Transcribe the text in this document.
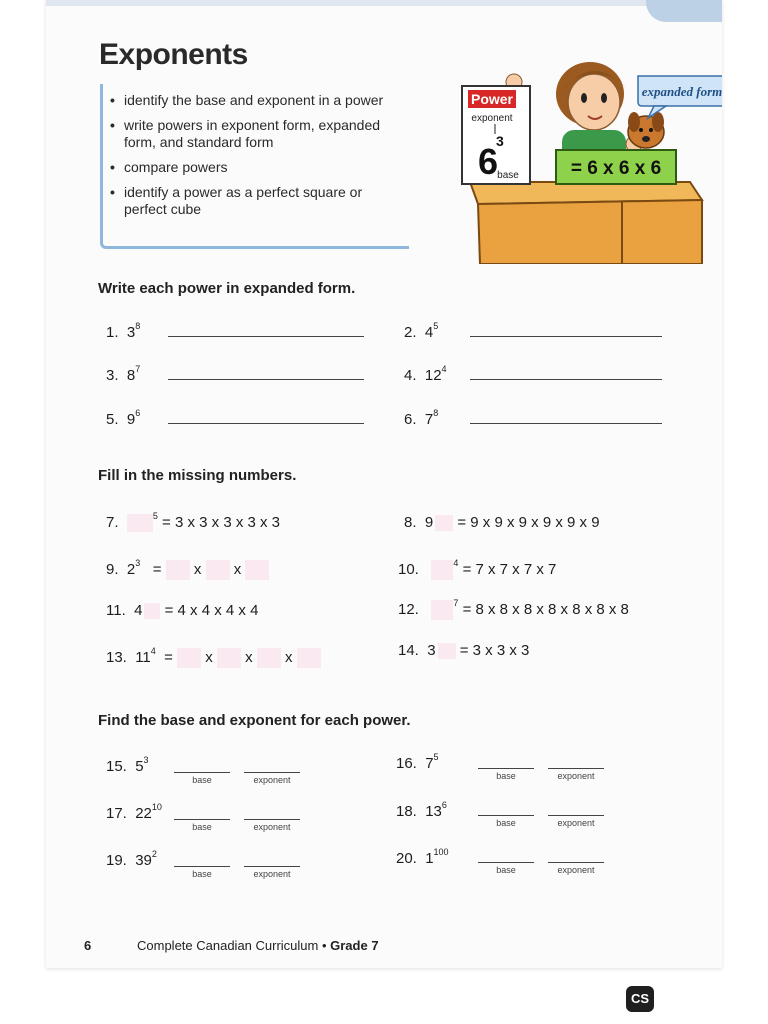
Exponents
• identify the base and exponent in a power
• write powers in exponent form, expanded form, and standard form
• compare powers
• identify a power as a perfect square or perfect cube
expanded form
Power
exponent
6
3
base	= 6 x 6 x 6
Write each power in expanded form.
1. $3^8$	2. $4^5$
3. $8^7$	4. $12^4$
5. $9^6$	6. $7^8$
Fill in the missing numbers.
7.	$^5$ = 3 x 3 x 3 x 3 x 3	8. 9 = 9 x 9 x 9 x 9 x 9 x 9
9. $2^3 = x$ x	10.	$^4$ = 7 x 7 x 7 x 7
11. 4 = 4 x 4 x 4 x 4	12.	$^7$ = 8 x 8 x 8 x 8 x 8 x 8 x 8
13. $11^4 = x$ x x	14. 3 = 3 x 3 x 3
Find the base and exponent for each power.
15. $5^3$
base	exponent
16. $7^5$
base	exponent
17. $22^{10}$
base	exponent
18. $13^6$
base	exponent
19. $39^2$
base	exponent
20. $1^{100}$
base	exponent
6	Complete Canadian Curriculum • Grade 7
CS
